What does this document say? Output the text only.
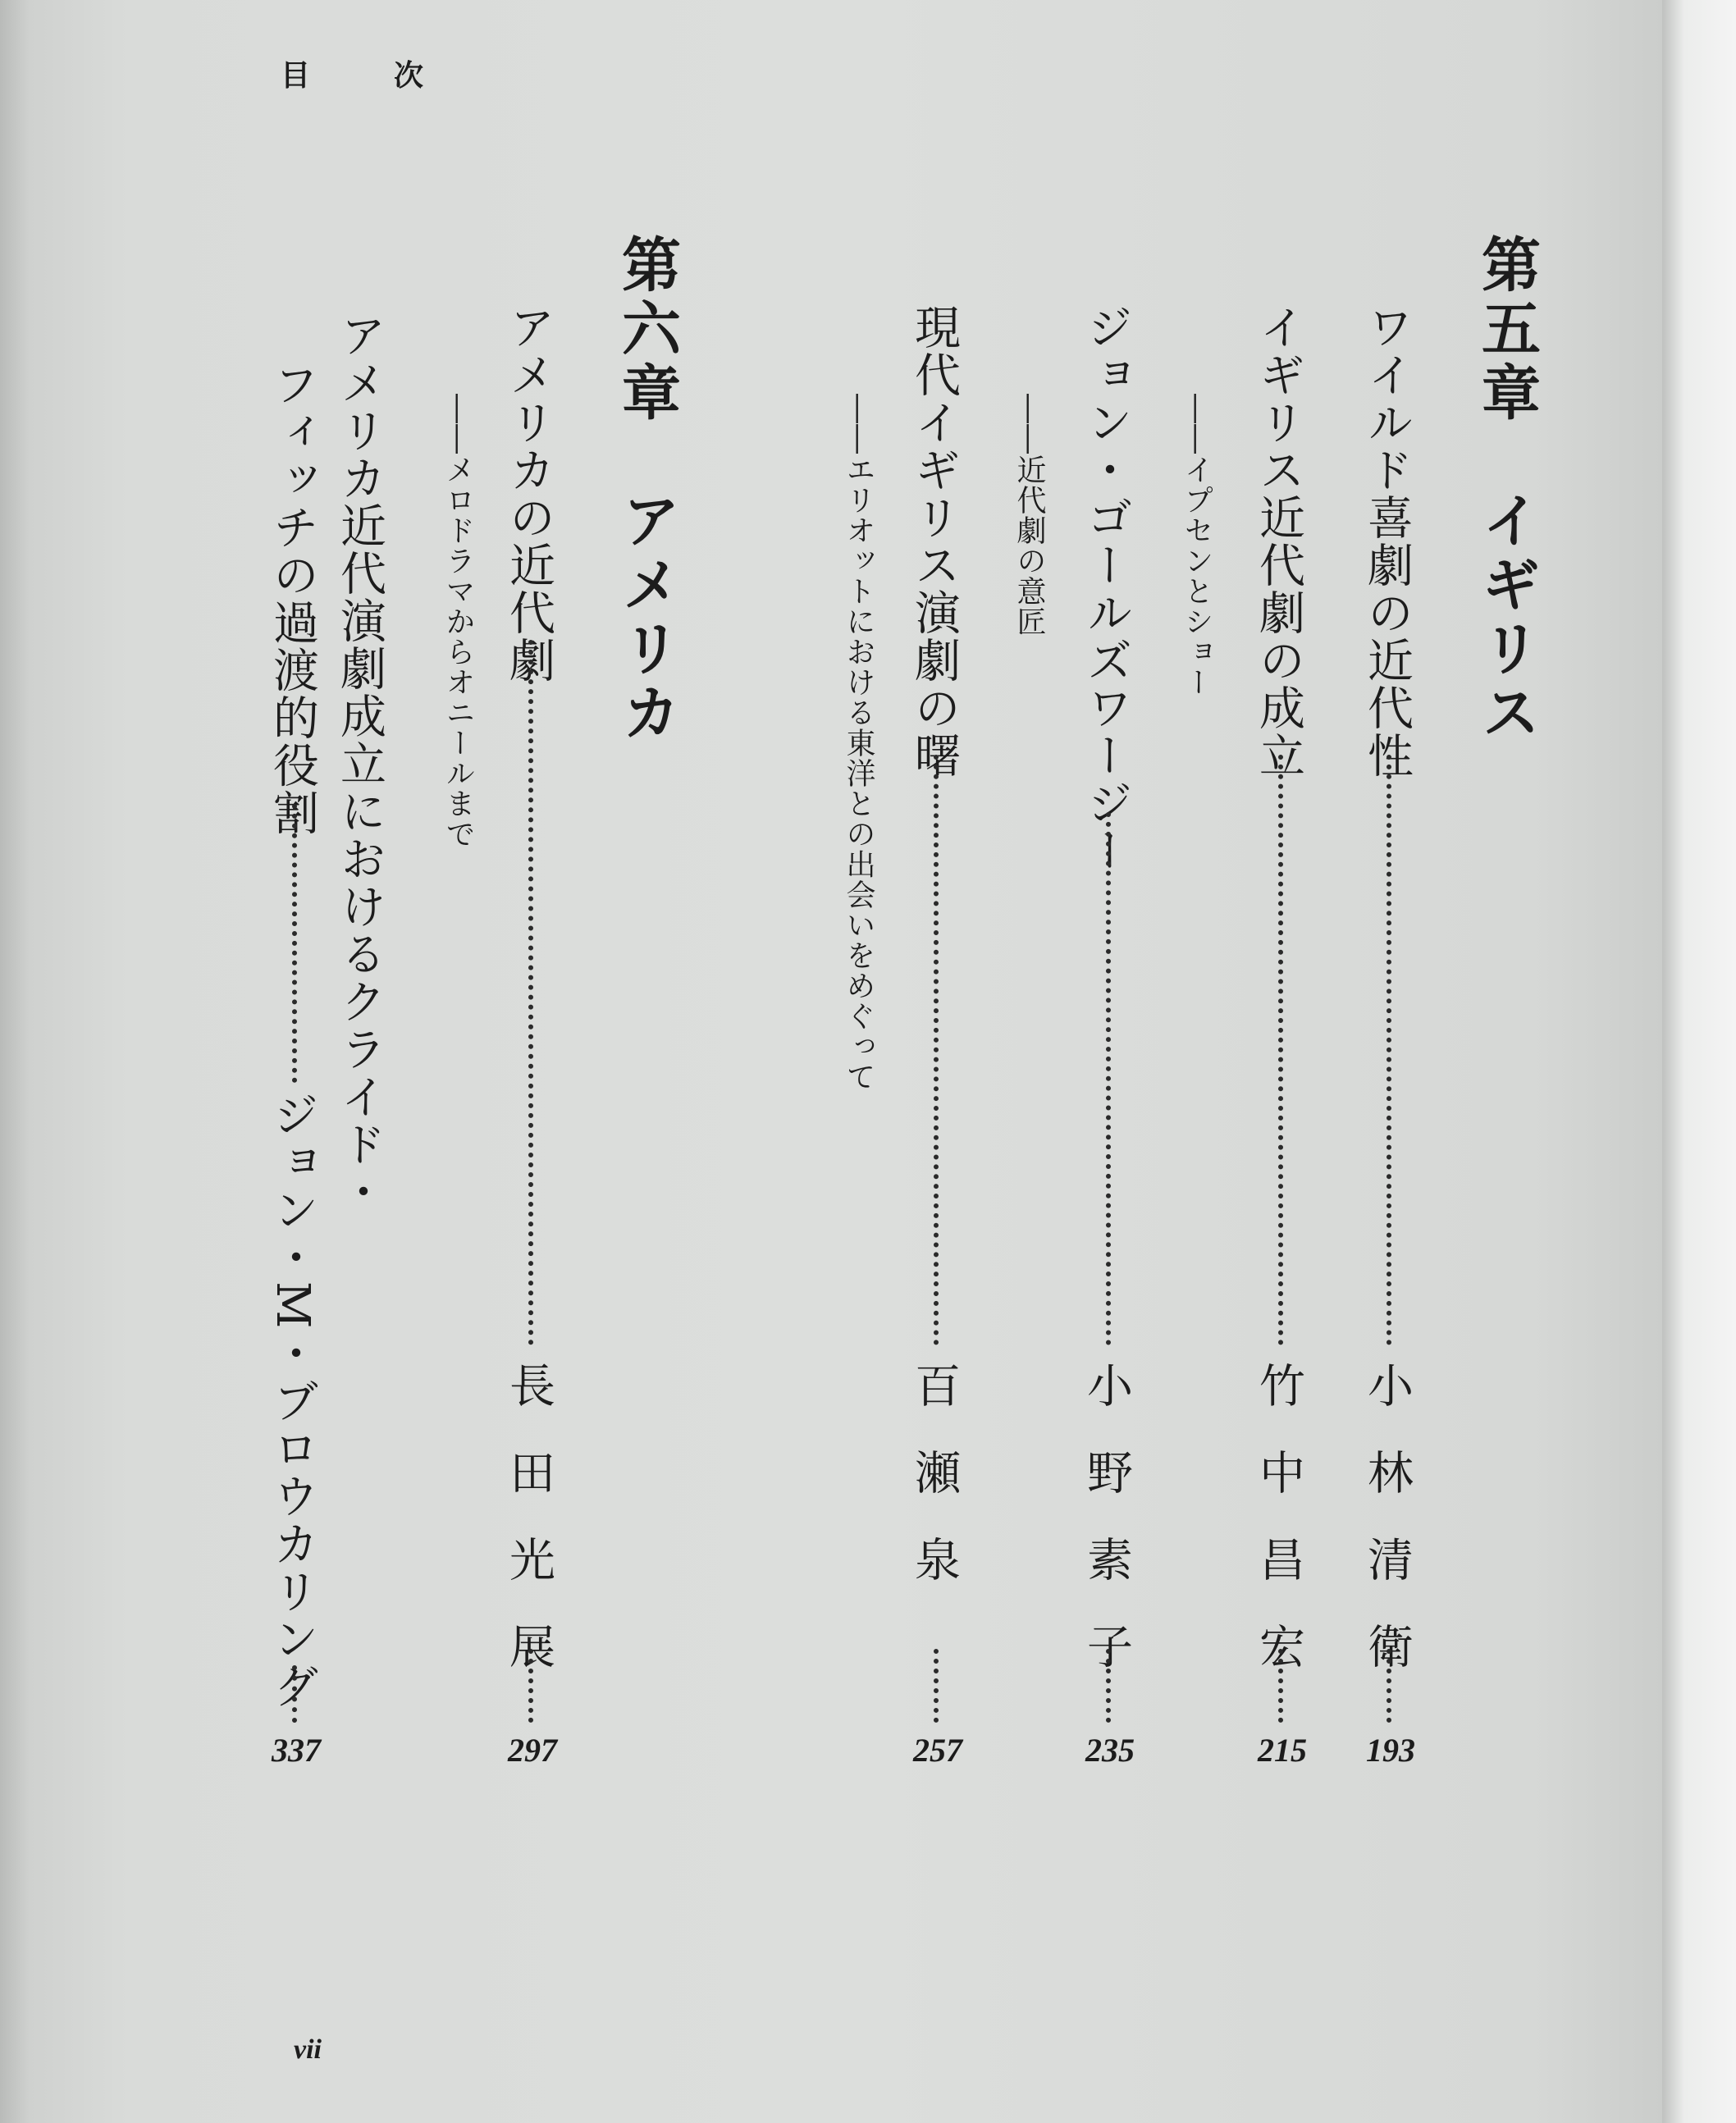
目	次
第五章　イギリス
ワイルド喜劇の近代性
小林清衛
193
イギリス近代劇の成立
――イプセンとショー
竹中昌宏
215
ジョン・ゴールズワージー
――近代劇の意匠
小野素子
235
現代イギリス演劇の曙
――エリオットにおける東洋との出会いをめぐって
百瀬泉
257
第六章　アメリカ
アメリカの近代劇
――メロドラマからオニールまで
長田光展
297
アメリカ近代演劇成立におけるクライド・
フィッチの過渡的役割
ジョン・M・ブロウカリング
337
vii
